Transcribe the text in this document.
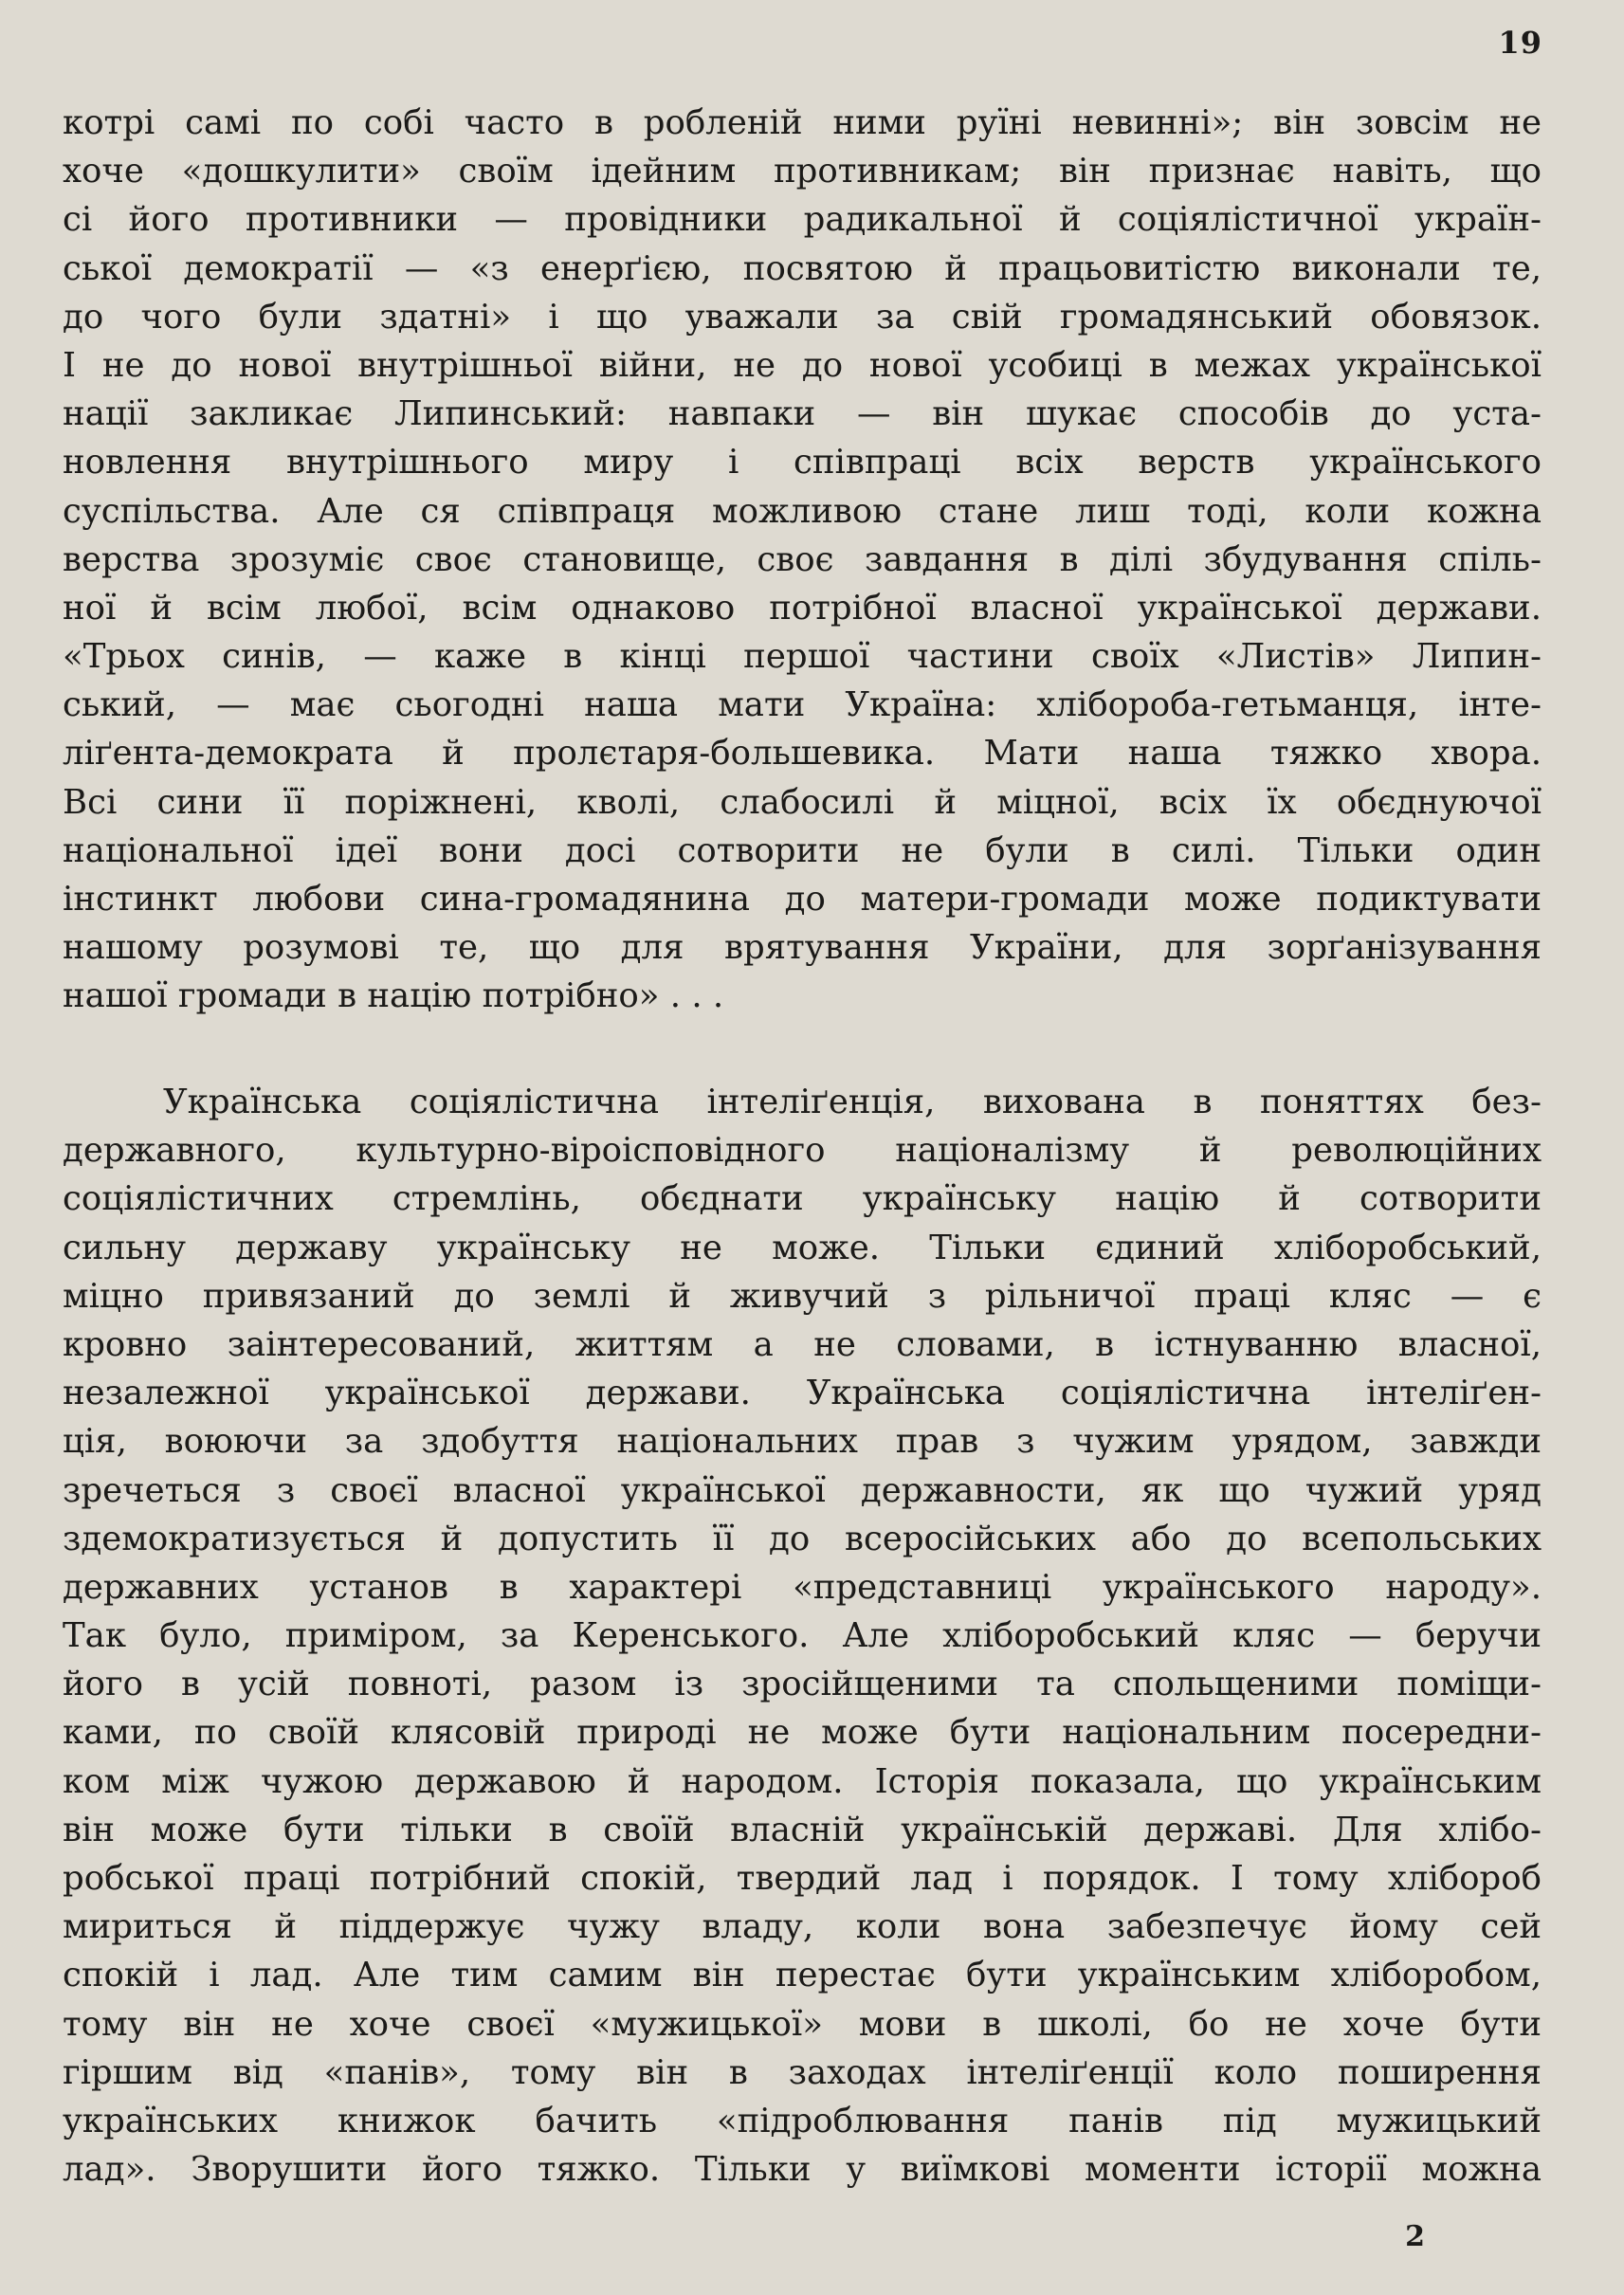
19
котрі самі по собі часто в робленій ними руїні невинні»; він зовсім не
хоче «дошкулити» своїм ідейним противникам; він признає навіть, що
сі його противники — провідники радикальної й соціялістичної україн-
ської демократії — «з енерґією, посвятою й працьовитістю виконали те,
до чого були здатні» і що уважали за свій громадянський обовязок.
І не до нової внутрішньої війни, не до нової усобиці в межах української
нації закликає Липинський: навпаки — він шукає способів до уста-
новлення внутрішнього миру і співпраці всіх верств українського
суспільства. Але ся співпраця можливою стане лиш тоді, коли кожна
верства зрозуміє своє становище, своє завдання в ділі збудування спіль-
ної й всім любої, всім однаково потрібної власної української держави.
«Трьох синів, — каже в кінці першої частини своїх «Листів» Липин-
ський, — має сьогодні наша мати Україна: хлібороба-гетьманця, інте-
ліґента-демократа й пролєтаря-большевика. Мати наша тяжко хвора.
Всі сини її поріжнені, кволі, слабосилі й міцної, всіх їх обєднуючої
національної ідеї вони досі сотворити не були в силі. Тільки один
інстинкт любови сина-громадянина до матери-громади може подиктувати
нашому розумові те, що для врятування України, для зорґанізування
нашої громади в націю потрібно» . . .
Українська соціялістична інтеліґенція, вихована в поняттях без-
державного, культурно-віроісповідного націоналізму й революційних
соціялістичних стремлінь, обєднати українську націю й сотворити
сильну державу українську не може. Тільки єдиний хліборобський,
міцно привязаний до землі й живучий з рільничої праці кляс — є
кровно заінтересований, життям а не словами, в істнуванню власної,
незалежної української держави. Українська соціялістична інтеліґен-
ція, воюючи за здобуття національних прав з чужим урядом, завжди
зречеться з своєї власної української державности, як що чужий уряд
здемократизується й допустить її до всеросійських або до всепольських
державних установ в характері «представниці українського народу».
Так було, приміром, за Керенського. Але хліборобський кляс — беручи
його в усій повноті, разом із зросійщеними та спольщеними поміщи-
ками, по своїй клясовій природі не може бути національним посередни-
ком між чужою державою й народом. Історія показала, що українським
він може бути тільки в своїй власній українській державі. Для хлібо-
робської праці потрібний спокій, твердий лад і порядок. І тому хлібороб
мириться й піддержує чужу владу, коли вона забезпечує йому сей
спокій і лад. Але тим самим він перестає бути українським хліборобом,
тому він не хоче своєї «мужицької» мови в школі, бо не хоче бути
гіршим від «панів», тому він в заходах інтеліґенції коло поширення
українських книжок бачить «підроблювання панів під мужицький
лад». Зворушити його тяжко. Тільки у виїмкові моменти історії можна
2
